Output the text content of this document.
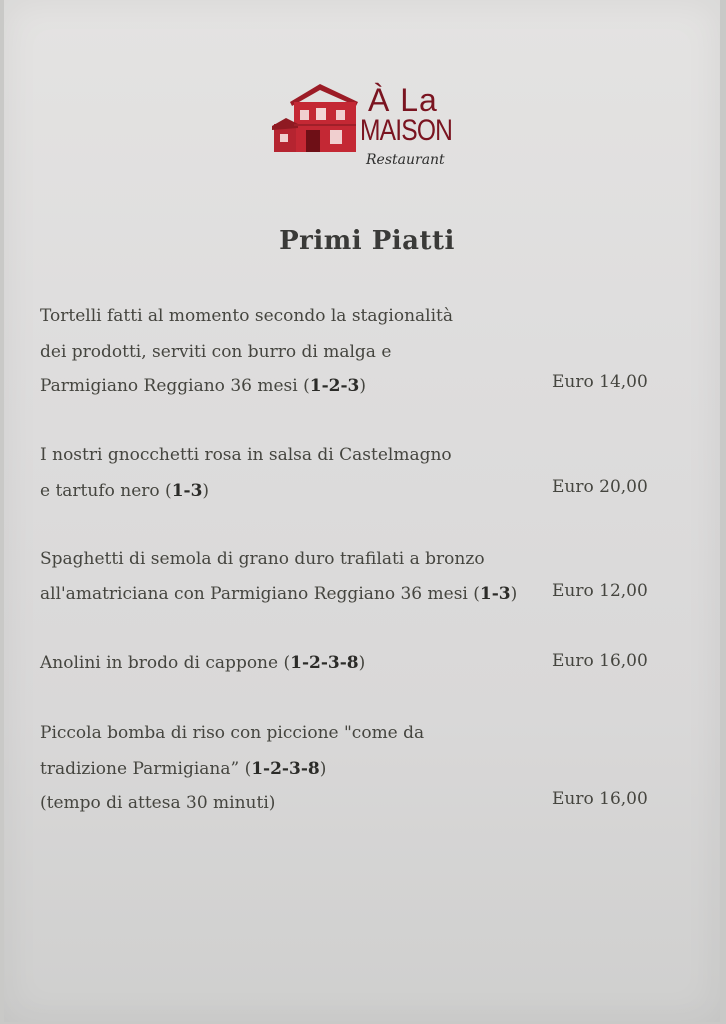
À La
MAISON
Restaurant
Primi Piatti
Tortelli fatti al momento secondo la stagionalità
dei prodotti, serviti con burro di malga e
Parmigiano Reggiano 36 mesi (1-2-3)	Euro 14,00
I nostri gnocchetti rosa in salsa di Castelmagno
e tartufo nero (1-3)	Euro 20,00
Spaghetti di semola di grano duro trafilati a bronzo
all'amatriciana con Parmigiano Reggiano 36 mesi (1-3) Euro 12,00
Anolini in brodo di cappone (1-2-3-8)	Euro 16,00
Piccola bomba di riso con piccione "come da
tradizione Parmigiana” (1-2-3-8)
(tempo di attesa 30 minuti)	Euro 16,00
